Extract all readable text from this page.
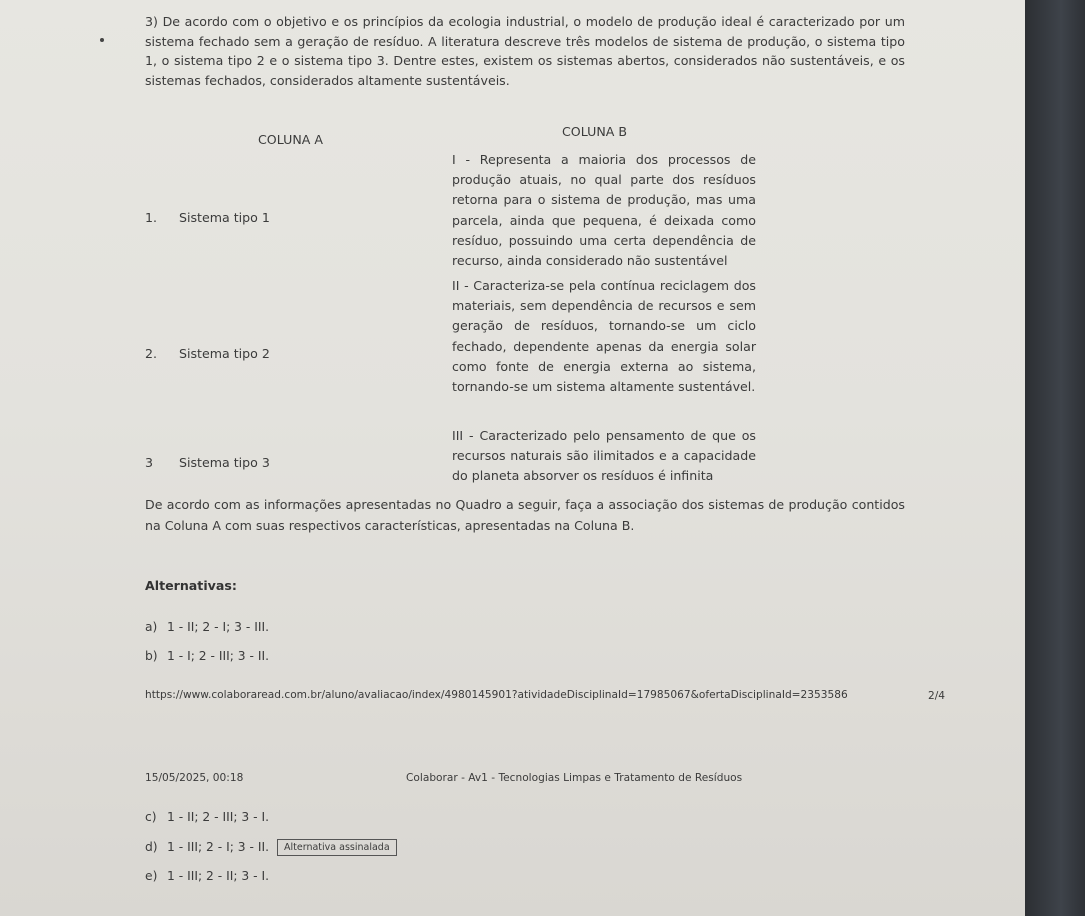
3) De acordo com o objetivo e os princípios da ecologia industrial, o modelo de produção ideal é caracterizado por um sistema fechado sem a geração de resíduo. A literatura descreve três modelos de sistema de produção, o sistema tipo 1, o sistema tipo 2 e o sistema tipo 3. Dentre estes, existem os sistemas abertos, considerados não sustentáveis, e os sistemas fechados, considerados altamente sustentáveis.
COLUNA A
COLUNA B
1. Sistema tipo 1
2. Sistema tipo 2
3 Sistema tipo 3
I - Representa a maioria dos processos de produção atuais, no qual parte dos resíduos retorna para o sistema de produção, mas uma parcela, ainda que pequena, é deixada como resíduo, possuindo uma certa dependência de recurso, ainda considerado não sustentável
II - Caracteriza-se pela contínua reciclagem dos materiais, sem dependência de recursos e sem geração de resíduos, tornando-se um ciclo fechado, dependente apenas da energia solar como fonte de energia externa ao sistema, tornando-se um sistema altamente sustentável.
III - Caracterizado pelo pensamento de que os recursos naturais são ilimitados e a capacidade do planeta absorver os resíduos é infinita
De acordo com as informações apresentadas no Quadro a seguir, faça a associação dos sistemas de produção contidos na Coluna A com suas respectivos características, apresentadas na Coluna B.
Alternativas:
a) 1 - II; 2 - I; 3 - III.
b) 1 - I; 2 - III; 3 - II.
https://www.colaboraread.com.br/aluno/avaliacao/index/4980145901?atividadeDisciplinaId=17985067&ofertaDisciplinaId=2353586	2/4
15/05/2025, 00:18	Colaborar - Av1 - Tecnologias Limpas e Tratamento de Resíduos
c) 1 - II; 2 - III; 3 - I.
d) 1 - III; 2 - I; 3 - II. Alternativa assinalada
e) 1 - III; 2 - II; 3 - I.
